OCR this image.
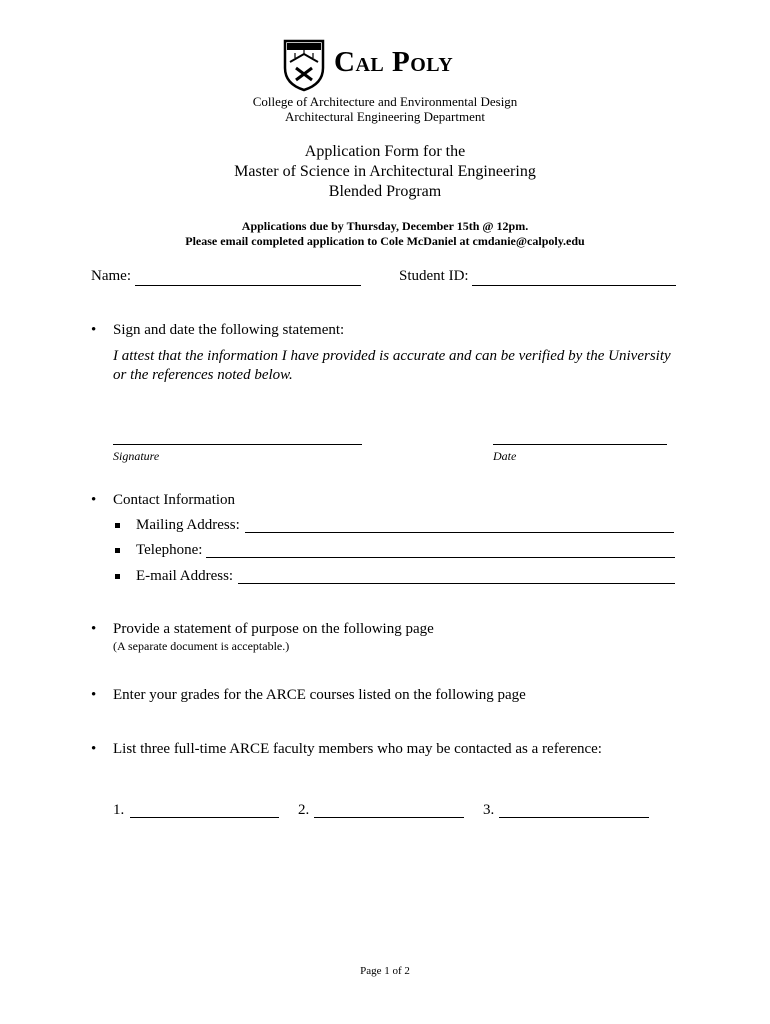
Cal Poly
College of Architecture and Environmental Design
Architectural Engineering Department
Application Form for the
Master of Science in Architectural Engineering
Blended Program
Applications due by Thursday, December 15th @ 12pm.
Please email completed application to Cole McDaniel at cmdanie@calpoly.edu
Name:	Student ID:
• Sign and date the following statement:
I attest that the information I have provided is accurate and can be verified by the University
or the references noted below.
Signature	Date
• Contact Information
Mailing Address:
Telephone:
E-mail Address:
• Provide a statement of purpose on the following page
(A separate document is acceptable.)
• Enter your grades for the ARCE courses listed on the following page
• List three full-time ARCE faculty members who may be contacted as a reference:
1.	2.	3.
Page 1 of 2
